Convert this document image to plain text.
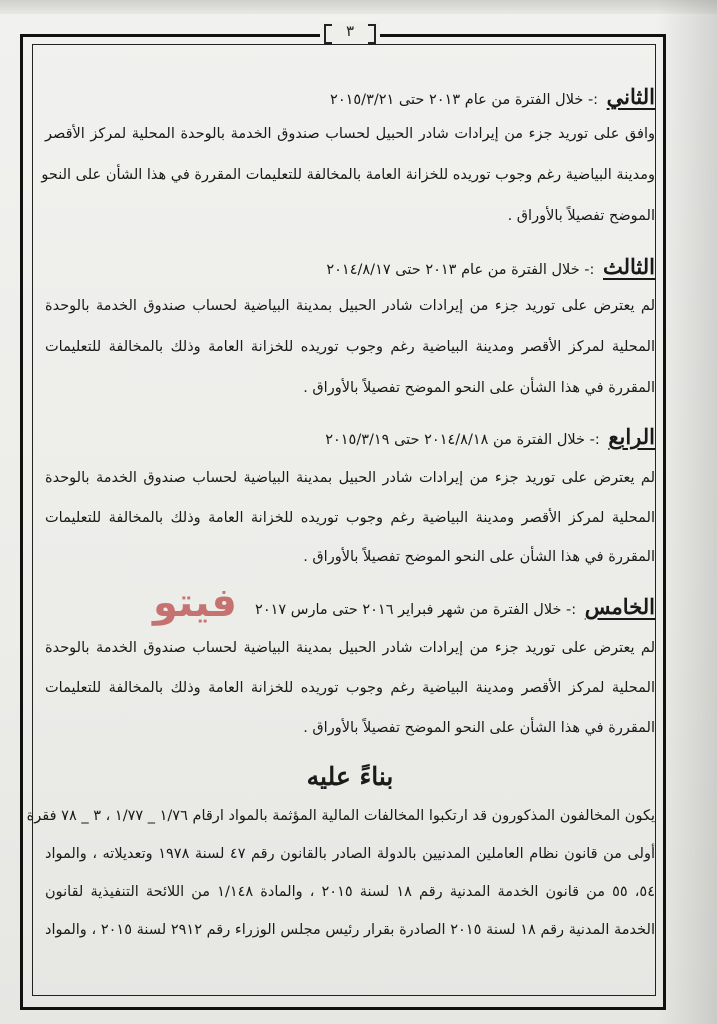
٣
الثاني :- خلال الفترة من عام ٢٠١٣ حتى ٢٠١٥/٣/٢١
وافق على توريد جزء من إيرادات شادر الحبيل لحساب صندوق الخدمة بالوحدة المحلية لمركز الأقصر
ومدينة البياضية رغم وجوب توريده للخزانة العامة بالمخالفة للتعليمات المقررة في هذا الشأن على النحو
الموضح تفصيلاً بالأوراق .
الثالث :- خلال الفترة من عام ٢٠١٣ حتى ٢٠١٤/٨/١٧
لم يعترض على توريد جزء من إيرادات شادر الحبيل بمدينة البياضية لحساب صندوق الخدمة بالوحدة
المحلية لمركز الأقصر ومدينة البياضية رغم وجوب توريده للخزانة العامة وذلك بالمخالفة للتعليمات
المقررة في هذا الشأن على النحو الموضح تفصيلاً بالأوراق .
الرابع :- خلال الفترة من ٢٠١٤/٨/١٨ حتى ٢٠١٥/٣/١٩
لم يعترض على توريد جزء من إيرادات شادر الحبيل بمدينة البياضية لحساب صندوق الخدمة بالوحدة
المحلية لمركز الأقصر ومدينة البياضية رغم وجوب توريده للخزانة العامة وذلك بالمخالفة للتعليمات
المقررة في هذا الشأن على النحو الموضح تفصيلاً بالأوراق .
الخامس :- خلال الفترة من شهر فبراير ٢٠١٦ حتى مارس ٢٠١٧
لم يعترض على توريد جزء من إيرادات شادر الحبيل بمدينة البياضية لحساب صندوق الخدمة بالوحدة
المحلية لمركز الأقصر ومدينة البياضية رغم وجوب توريده للخزانة العامة وذلك بالمخالفة للتعليمات
المقررة في هذا الشأن على النحو الموضح تفصيلاً بالأوراق .
بناءً عليه
يكون المخالفون المذكورون قد ارتكبوا المخالفات المالية المؤثمة بالمواد ارقام ١/٧٦ _ ١/٧٧ ، ٣ _ ٧٨ فقرة
أولى من قانون نظام العاملين المدنيين بالدولة الصادر بالقانون رقم ٤٧ لسنة ١٩٧٨ وتعديلاته ، والمواد
٥٤، ٥٥ من قانون الخدمة المدنية رقم ١٨ لسنة ٢٠١٥ ، والمادة ١/١٤٨ من اللائحة التنفيذية لقانون
الخدمة المدنية رقم ١٨ لسنة ٢٠١٥ الصادرة بقرار رئيس مجلس الوزراء رقم ٢٩١٢ لسنة ٢٠١٥ ، والمواد
فيتو
